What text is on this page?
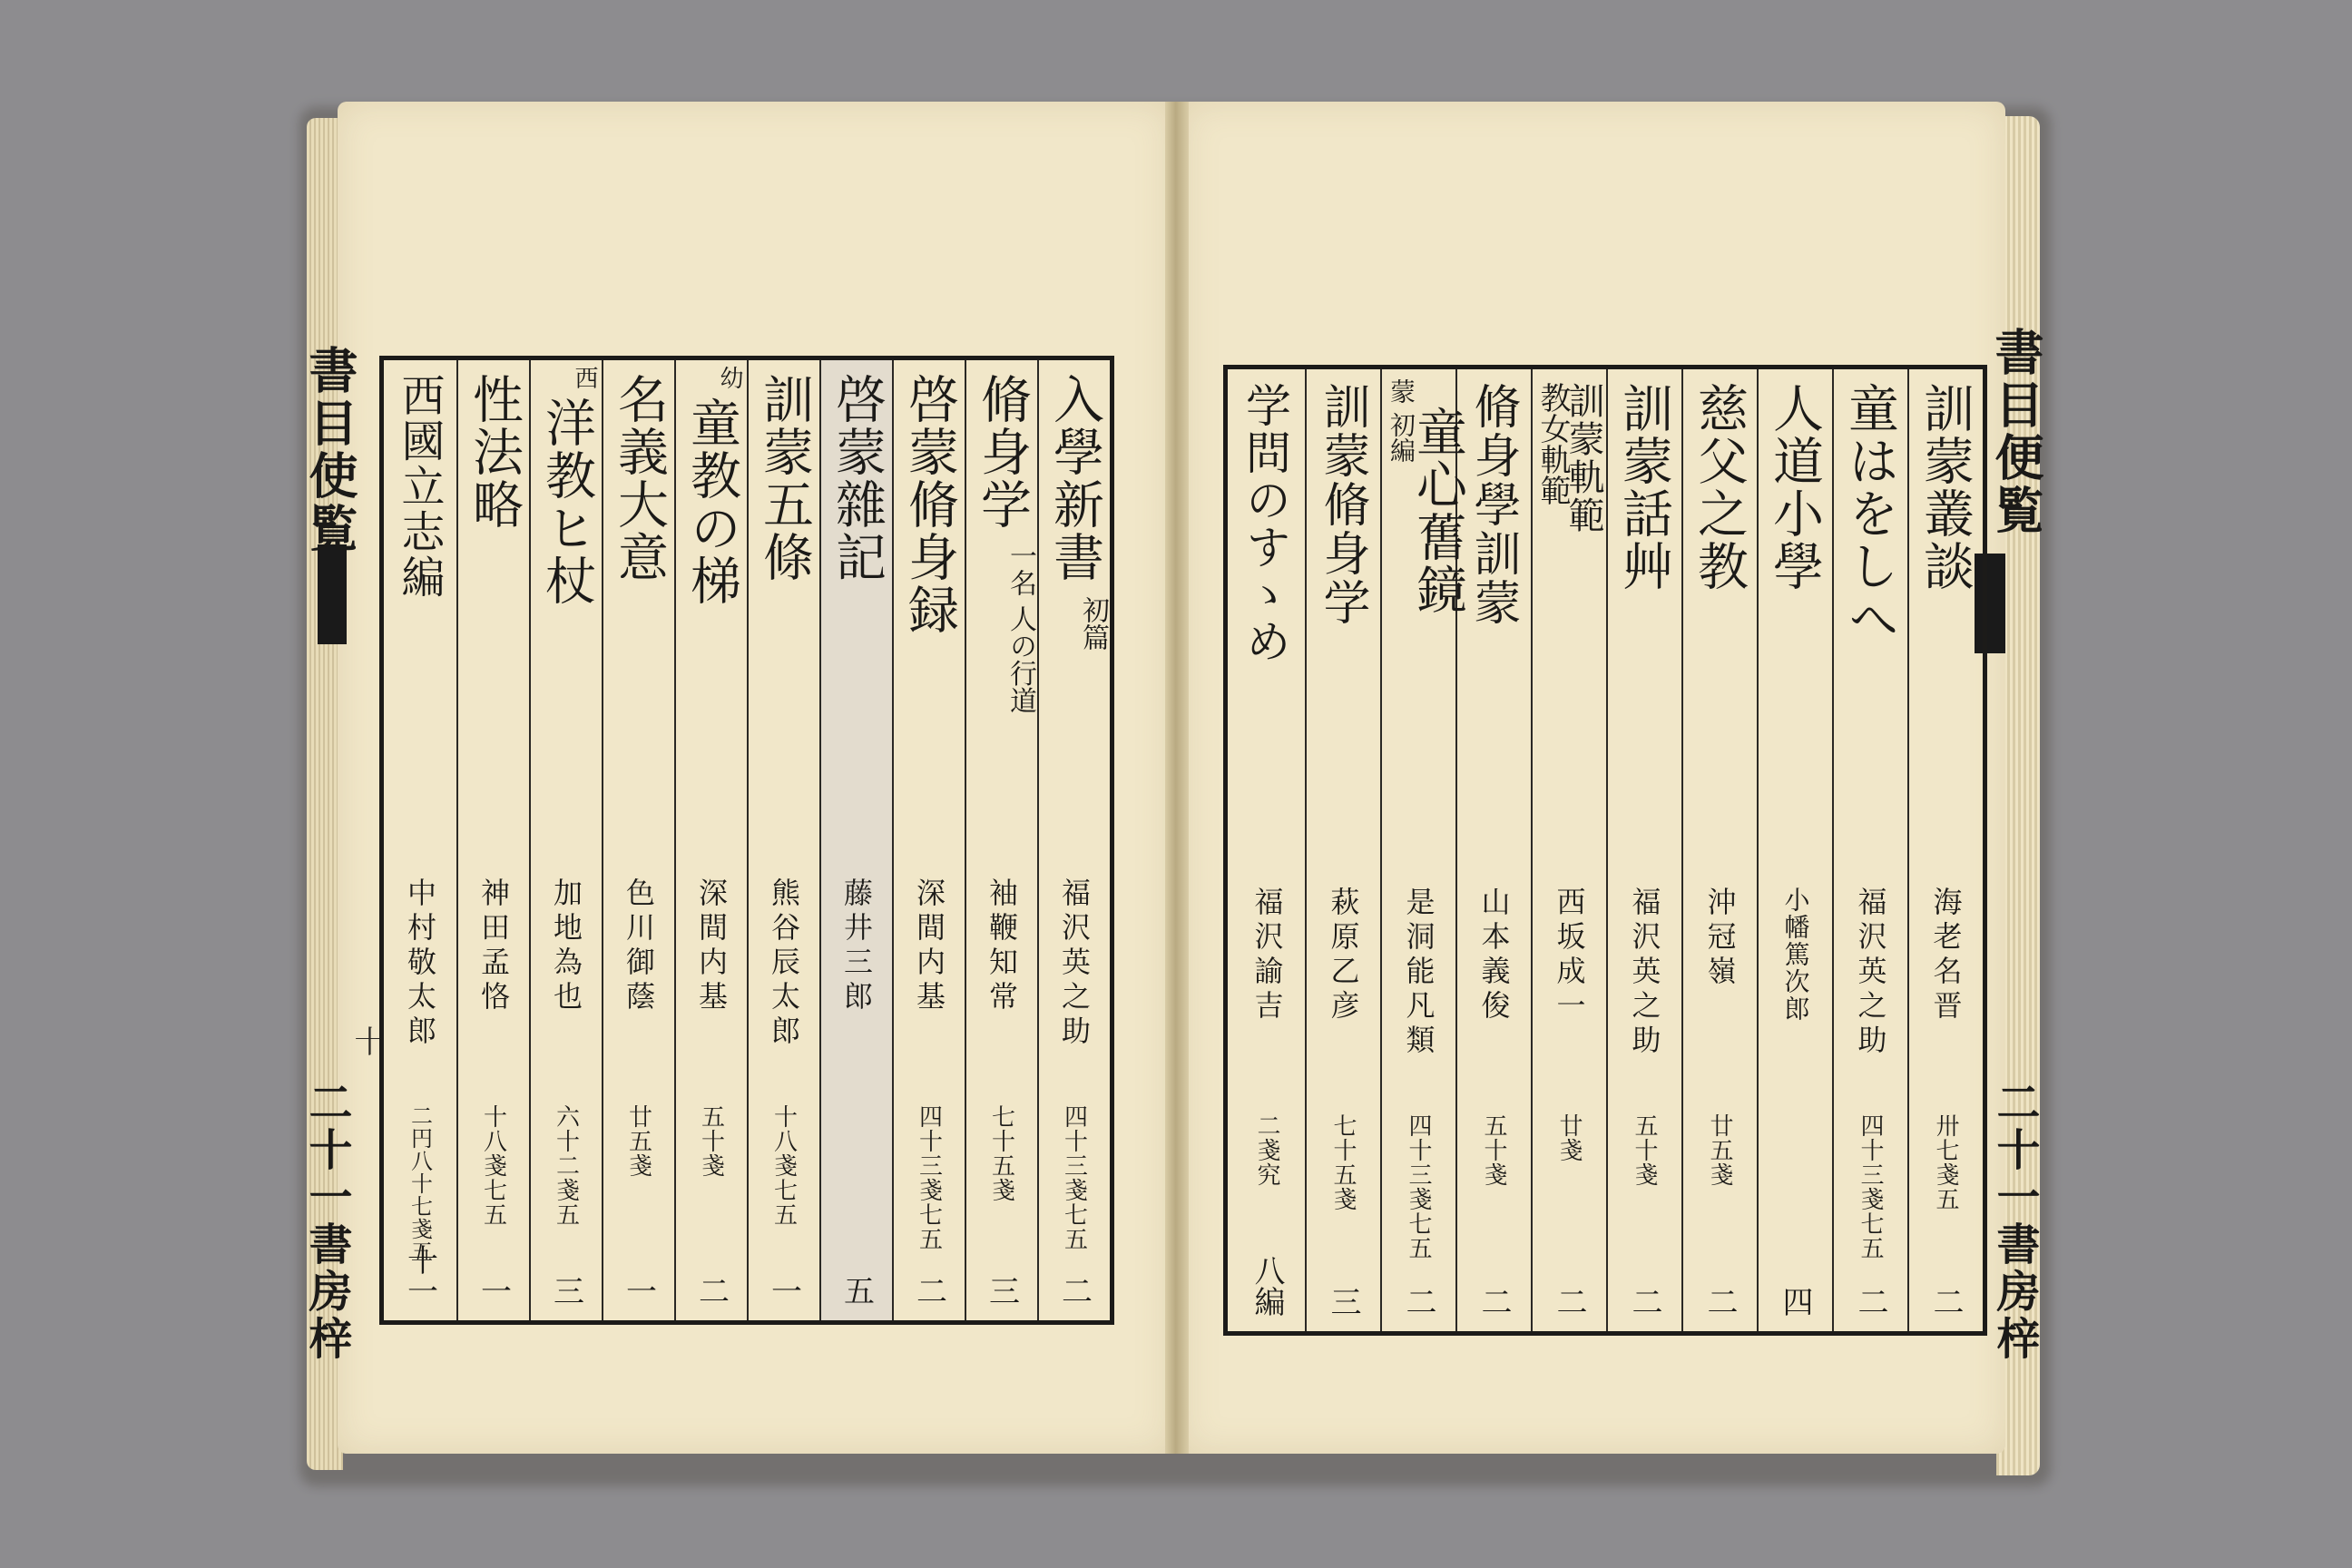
書目使覧
二十一書房梓
十
書目便覧
二十一書房梓
入學新書
初篇
福沢英之助
四十三戔七五
二
脩身学
一名 人の行道
袖鞭知常
七十五戔
三
啓蒙脩身録
深間内基
四十三戔七五
二
啓蒙雜記
藤井三郎
五
訓蒙五條
熊谷辰太郎
十八戔七五
一
童教の梯
幼
深間内基
五十戔
二
名義大意
色川御蔭
廿五戔
一
洋教ヒ杖
西
加地為也
六十二戔五
三
性法略
神田孟恪
十八戔七五
一
西國立志編
中村敬太郎
二円八十七戔五
十一
訓蒙叢談
海老名晋
卅七戔五
二
童はをしへ
福沢英之助
四十三戔七五
二
人道小學
小幡篤次郎
四
慈父之教
沖冠嶺
廿五戔
二
訓蒙話艸
福沢英之助
五十戔
二
訓蒙軌範
教女軌範
西坂成一
廿戔
二
脩身學訓蒙
山本義俊
五十戔
二
童心𦾔鏡
蒙 初編
是洞能凡類
四十三戔七五
二
訓蒙脩身学
萩原乙彦
七十五戔
三
学問のすゝめ
福沢諭吉
二戔究
八編
